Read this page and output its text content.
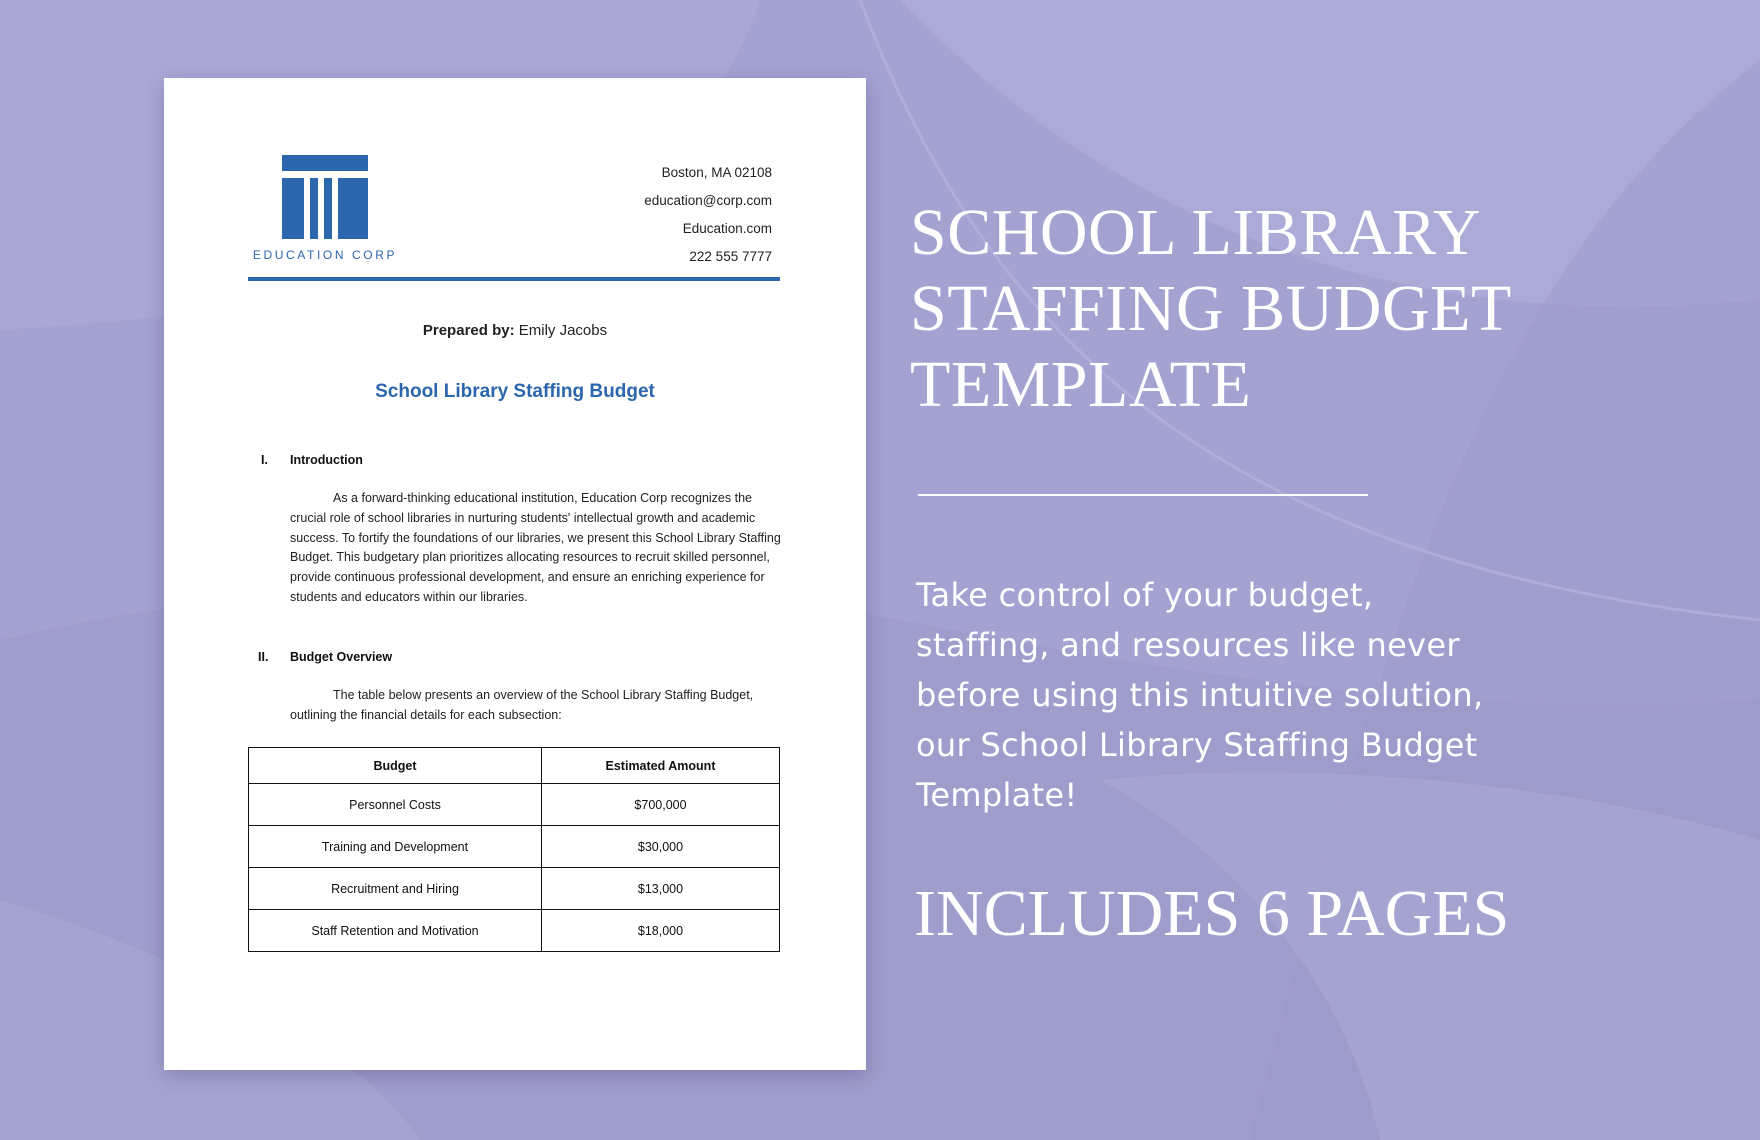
EDUCATION CORP
Boston, MA 02108
education@corp.com
Education.com
222 555 7777
Prepared by: Emily Jacobs
School Library Staffing Budget
I. Introduction

As a forward-thinking educational institution, Education Corp recognizes the crucial role of school libraries in nurturing students' intellectual growth and academic success. To fortify the foundations of our libraries, we present this School Library Staffing Budget. This budgetary plan prioritizes allocating resources to recruit skilled personnel, provide continuous professional development, and ensure an enriching experience for students and educators within our libraries.

II. Budget Overview

The table below presents an overview of the School Library Staffing Budget, outlining the financial details for each subsection:

Budget	Estimated Amount
Personnel Costs	$700,000
Training and Development	$30,000
Recruitment and Hiring	$13,000
Staff Retention and Motivation	$18,000
SCHOOL LIBRARY
STAFFING BUDGET
TEMPLATE
Take control of your budget, staffing, and resources like never before using this intuitive solution, our School Library Staffing Budget Template!
INCLUDES 6 PAGES
